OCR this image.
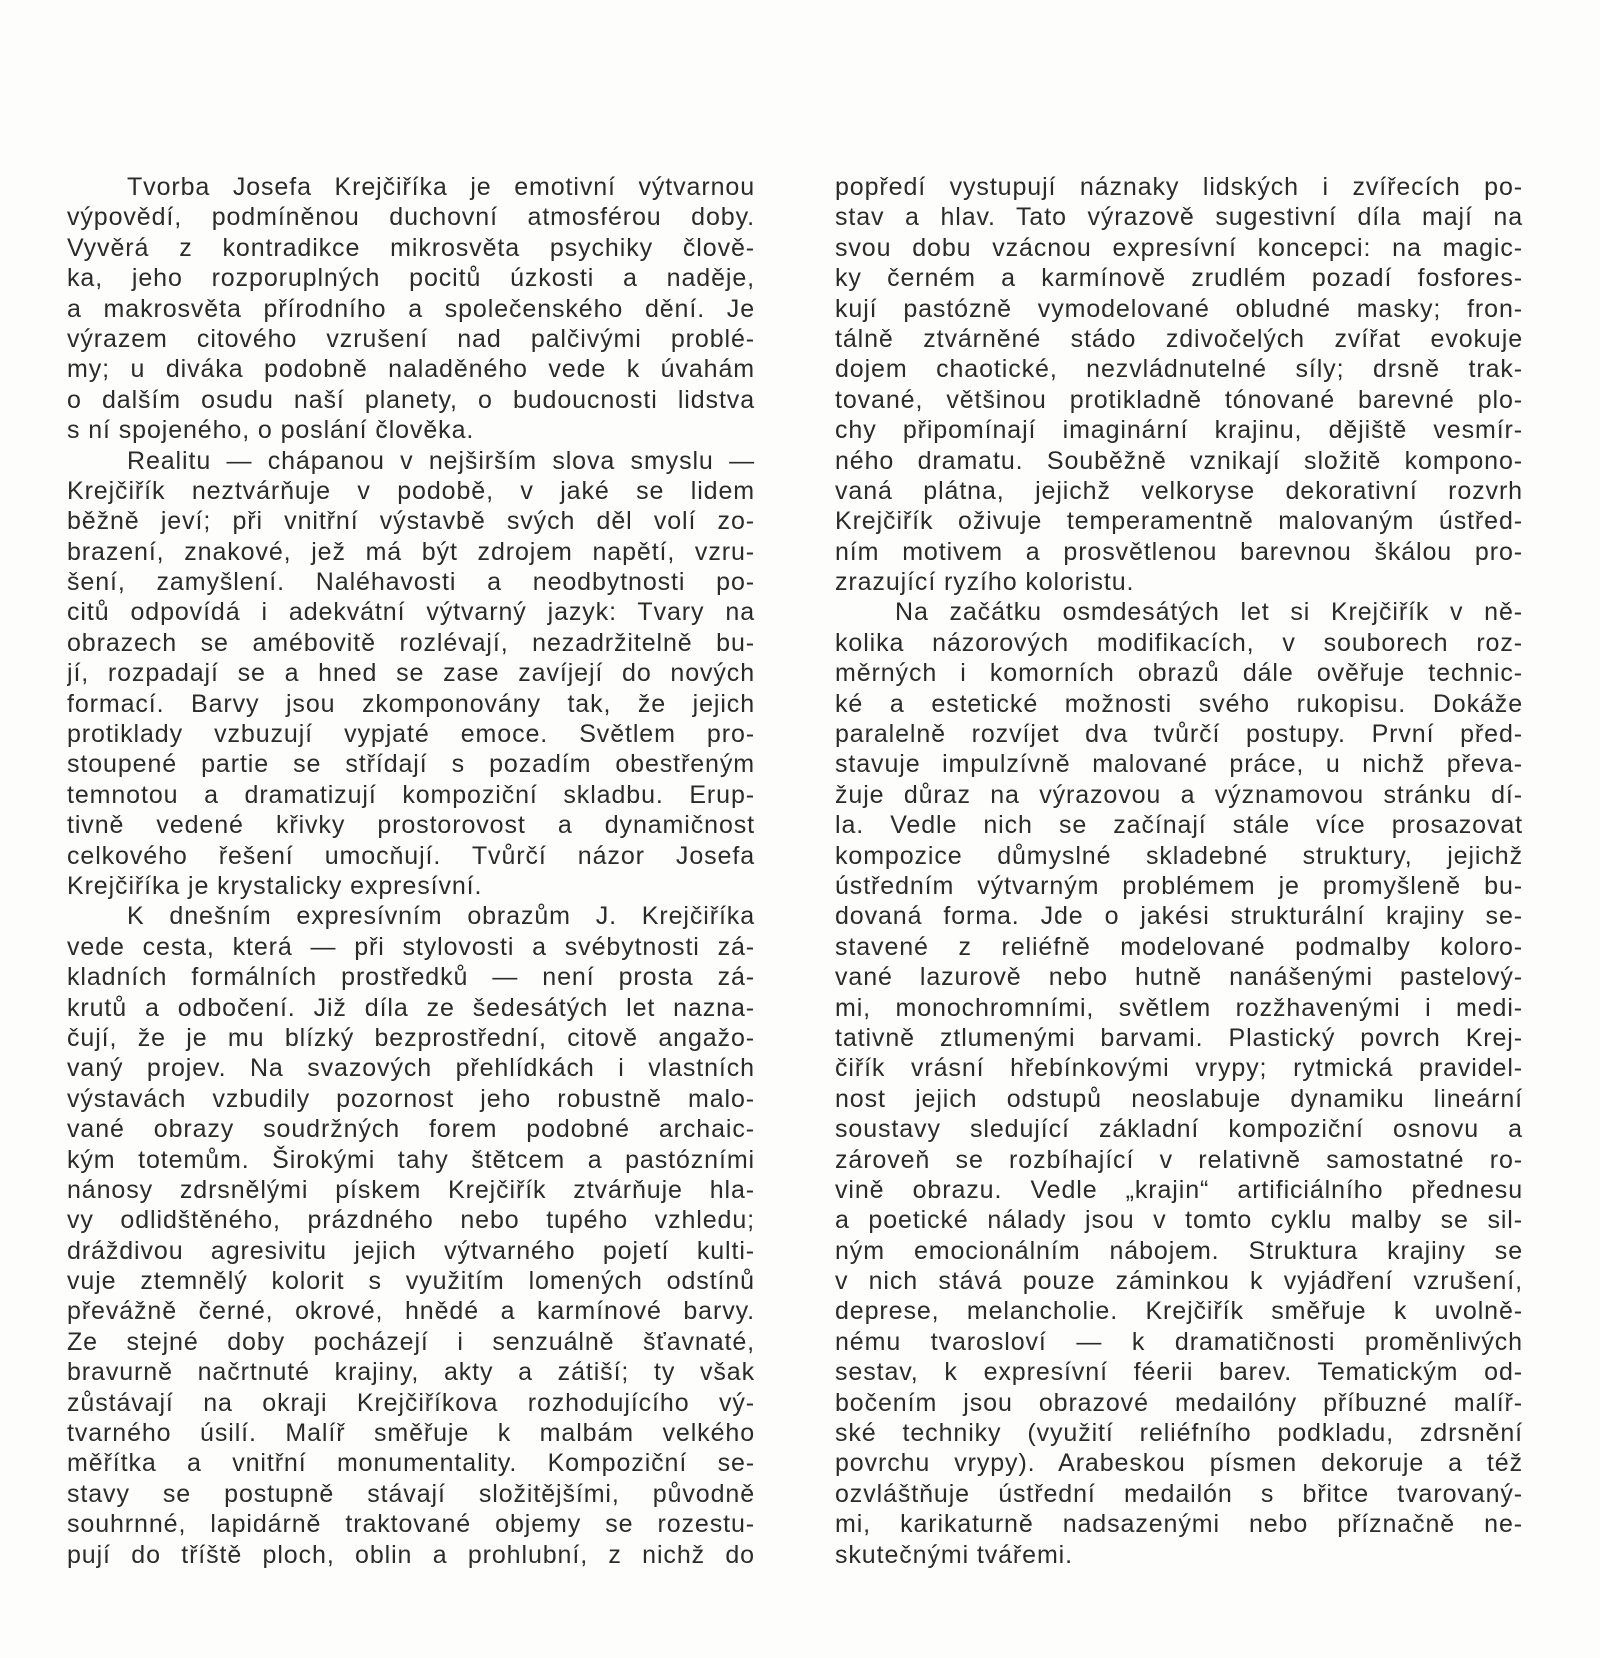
Tvorba Josefa Krejčiříka je emotivní výtvarnou
výpovědí, podmíněnou duchovní atmosférou doby.
Vyvěrá z kontradikce mikrosvěta psychiky člově-
ka, jeho rozporuplných pocitů úzkosti a naděje,
a makrosvěta přírodního a společenského dění. Je
výrazem citového vzrušení nad palčivými problé-
my; u diváka podobně naladěného vede k úvahám
o dalším osudu naší planety, o budoucnosti lidstva
s ní spojeného, o poslání člověka.
Realitu — chápanou v nejširším slova smyslu —
Krejčiřík neztvárňuje v podobě, v jaké se lidem
běžně jeví; při vnitřní výstavbě svých děl volí zo-
brazení, znakové, jež má být zdrojem napětí, vzru-
šení, zamyšlení. Naléhavosti a neodbytnosti po-
citů odpovídá i adekvátní výtvarný jazyk: Tvary na
obrazech se amébovitě rozlévají, nezadržitelně bu-
jí, rozpadají se a hned se zase zavíjejí do nových
formací. Barvy jsou zkomponovány tak, že jejich
protiklady vzbuzují vypjaté emoce. Světlem pro-
stoupené partie se střídají s pozadím obestřeným
temnotou a dramatizují kompoziční skladbu. Erup-
tivně vedené křivky prostorovost a dynamičnost
celkového řešení umocňují. Tvůrčí názor Josefa
Krejčiříka je krystalicky expresívní.
K dnešním expresívním obrazům J. Krejčiříka
vede cesta, která — při stylovosti a svébytnosti zá-
kladních formálních prostředků — není prosta zá-
krutů a odbočení. Již díla ze šedesátých let nazna-
čují, že je mu blízký bezprostřední, citově angažo-
vaný projev. Na svazových přehlídkách i vlastních
výstavách vzbudily pozornost jeho robustně malo-
vané obrazy soudržných forem podobné archaic-
kým totemům. Širokými tahy štětcem a pastózními
nánosy zdrsnělými pískem Krejčiřík ztvárňuje hla-
vy odlidštěného, prázdného nebo tupého vzhledu;
dráždivou agresivitu jejich výtvarného pojetí kulti-
vuje ztemnělý kolorit s využitím lomených odstínů
převážně černé, okrové, hnědé a karmínové barvy.
Ze stejné doby pocházejí i senzuálně šťavnaté,
bravurně načrtnuté krajiny, akty a zátiší; ty však
zůstávají na okraji Krejčiříkova rozhodujícího vý-
tvarného úsilí. Malíř směřuje k malbám velkého
měřítka a vnitřní monumentality. Kompoziční se-
stavy se postupně stávají složitějšími, původně
souhrnné, lapidárně traktované objemy se rozestu-
pují do tříště ploch, oblin a prohlubní, z nichž do
popředí vystupují náznaky lidských i zvířecích po-
stav a hlav. Tato výrazově sugestivní díla mají na
svou dobu vzácnou expresívní koncepci: na magic-
ky černém a karmínově zrudlém pozadí fosfores-
kují pastózně vymodelované obludné masky; fron-
tálně ztvárněné stádo zdivočelých zvířat evokuje
dojem chaotické, nezvládnutelné síly; drsně trak-
tované, většinou protikladně tónované barevné plo-
chy připomínají imaginární krajinu, dějiště vesmír-
ného dramatu. Souběžně vznikají složitě kompono-
vaná plátna, jejichž velkoryse dekorativní rozvrh
Krejčiřík oživuje temperamentně malovaným ústřed-
ním motivem a prosvětlenou barevnou škálou pro-
zrazující ryzího koloristu.
Na začátku osmdesátých let si Krejčiřík v ně-
kolika názorových modifikacích, v souborech roz-
měrných i komorních obrazů dále ověřuje technic-
ké a estetické možnosti svého rukopisu. Dokáže
paralelně rozvíjet dva tvůrčí postupy. První před-
stavuje impulzívně malované práce, u nichž převa-
žuje důraz na výrazovou a významovou stránku dí-
la. Vedle nich se začínají stále více prosazovat
kompozice důmyslné skladebné struktury, jejichž
ústředním výtvarným problémem je promyšleně bu-
dovaná forma. Jde o jakési strukturální krajiny se-
stavené z reliéfně modelované podmalby koloro-
vané lazurově nebo hutně nanášenými pastelový-
mi, monochromními, světlem rozžhavenými i medi-
tativně ztlumenými barvami. Plastický povrch Krej-
čiřík vrásní hřebínkovými vrypy; rytmická pravidel-
nost jejich odstupů neoslabuje dynamiku lineární
soustavy sledující základní kompoziční osnovu a
zároveň se rozbíhající v relativně samostatné ro-
vině obrazu. Vedle „krajin“ artificiálního přednesu
a poetické nálady jsou v tomto cyklu malby se sil-
ným emocionálním nábojem. Struktura krajiny se
v nich stává pouze záminkou k vyjádření vzrušení,
deprese, melancholie. Krejčiřík směřuje k uvolně-
nému tvarosloví — k dramatičnosti proměnlivých
sestav, k expresívní féerii barev. Tematickým od-
bočením jsou obrazové medailóny příbuzné malíř-
ské techniky (využití reliéfního podkladu, zdrsnění
povrchu vrypy). Arabeskou písmen dekoruje a též
ozvláštňuje ústřední medailón s břitce tvarovaný-
mi, karikaturně nadsazenými nebo příznačně ne-
skutečnými tvářemi.
